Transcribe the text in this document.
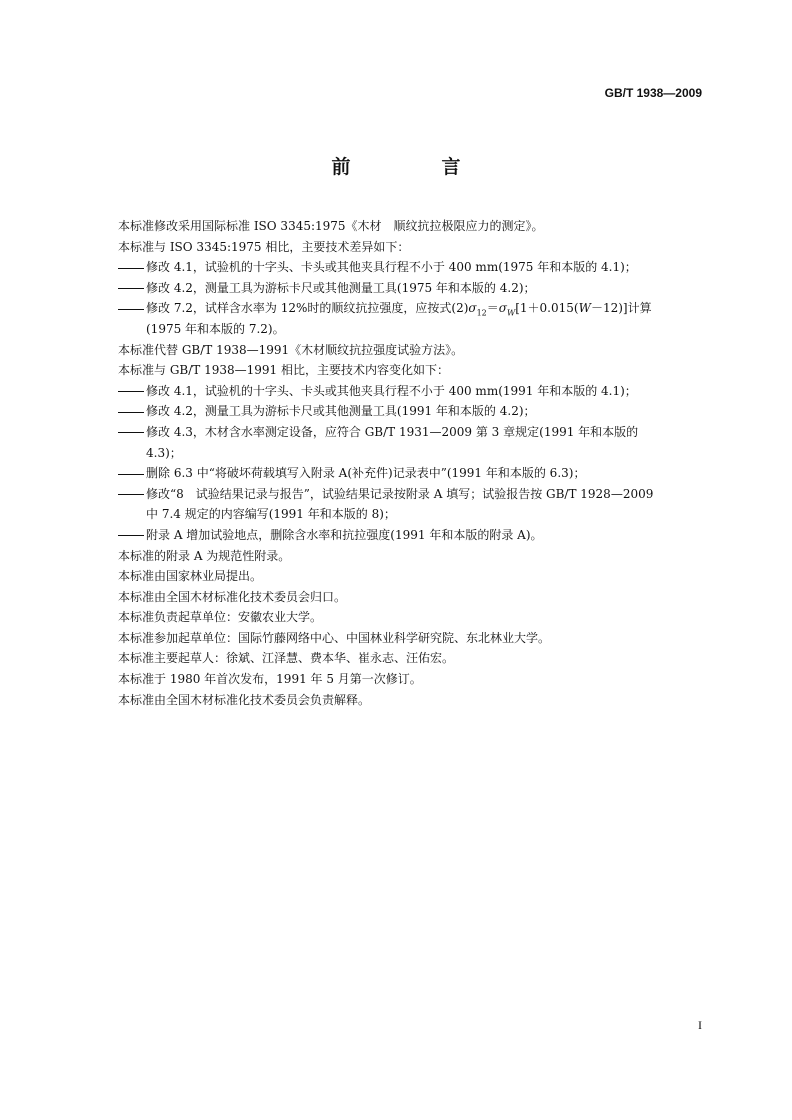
GB/T 1938—2009
前　言
本标准修改采用国际标准 ISO 3345:1975《木材　顺纹抗拉极限应力的测定》。
本标准与 ISO 3345:1975 相比，主要技术差异如下：
修改 4.1，试验机的十字头、卡头或其他夹具行程不小于 400 mm(1975 年和本版的 4.1)；
修改 4.2，测量工具为游标卡尺或其他测量工具(1975 年和本版的 4.2)；
修改 7.2，试样含水率为 12%时的顺纹抗拉强度，应按式$(2)\sigma_{12}=\sigma_W[1+0.015(W-12)]$计算
(1975 年和本版的 7.2)。
本标准代替 GB/T 1938—1991《木材顺纹抗拉强度试验方法》。
本标准与 GB/T 1938—1991 相比，主要技术内容变化如下：
修改 4.1，试验机的十字头、卡头或其他夹具行程不小于 400 mm(1991 年和本版的 4.1)；
修改 4.2，测量工具为游标卡尺或其他测量工具(1991 年和本版的 4.2)；
修改 4.3，木材含水率测定设备，应符合 GB/T 1931—2009 第 3 章规定(1991 年和本版的
4.3)；
删除 6.3 中“将破坏荷载填写入附录 A(补充件)记录表中”(1991 年和本版的 6.3)；
修改“8　试验结果记录与报告”，试验结果记录按附录 A 填写；试验报告按 GB/T 1928—2009
中 7.4 规定的内容编写(1991 年和本版的 8)；
附录 A 增加试验地点，删除含水率和抗拉强度(1991 年和本版的附录 A)。
本标准的附录 A 为规范性附录。
本标准由国家林业局提出。
本标准由全国木材标准化技术委员会归口。
本标准负责起草单位：安徽农业大学。
本标准参加起草单位：国际竹藤网络中心、中国林业科学研究院、东北林业大学。
本标准主要起草人：徐斌、江泽慧、费本华、崔永志、汪佑宏。
本标准于 1980 年首次发布，1991 年 5 月第一次修订。
本标准由全国木材标准化技术委员会负责解释。
I
